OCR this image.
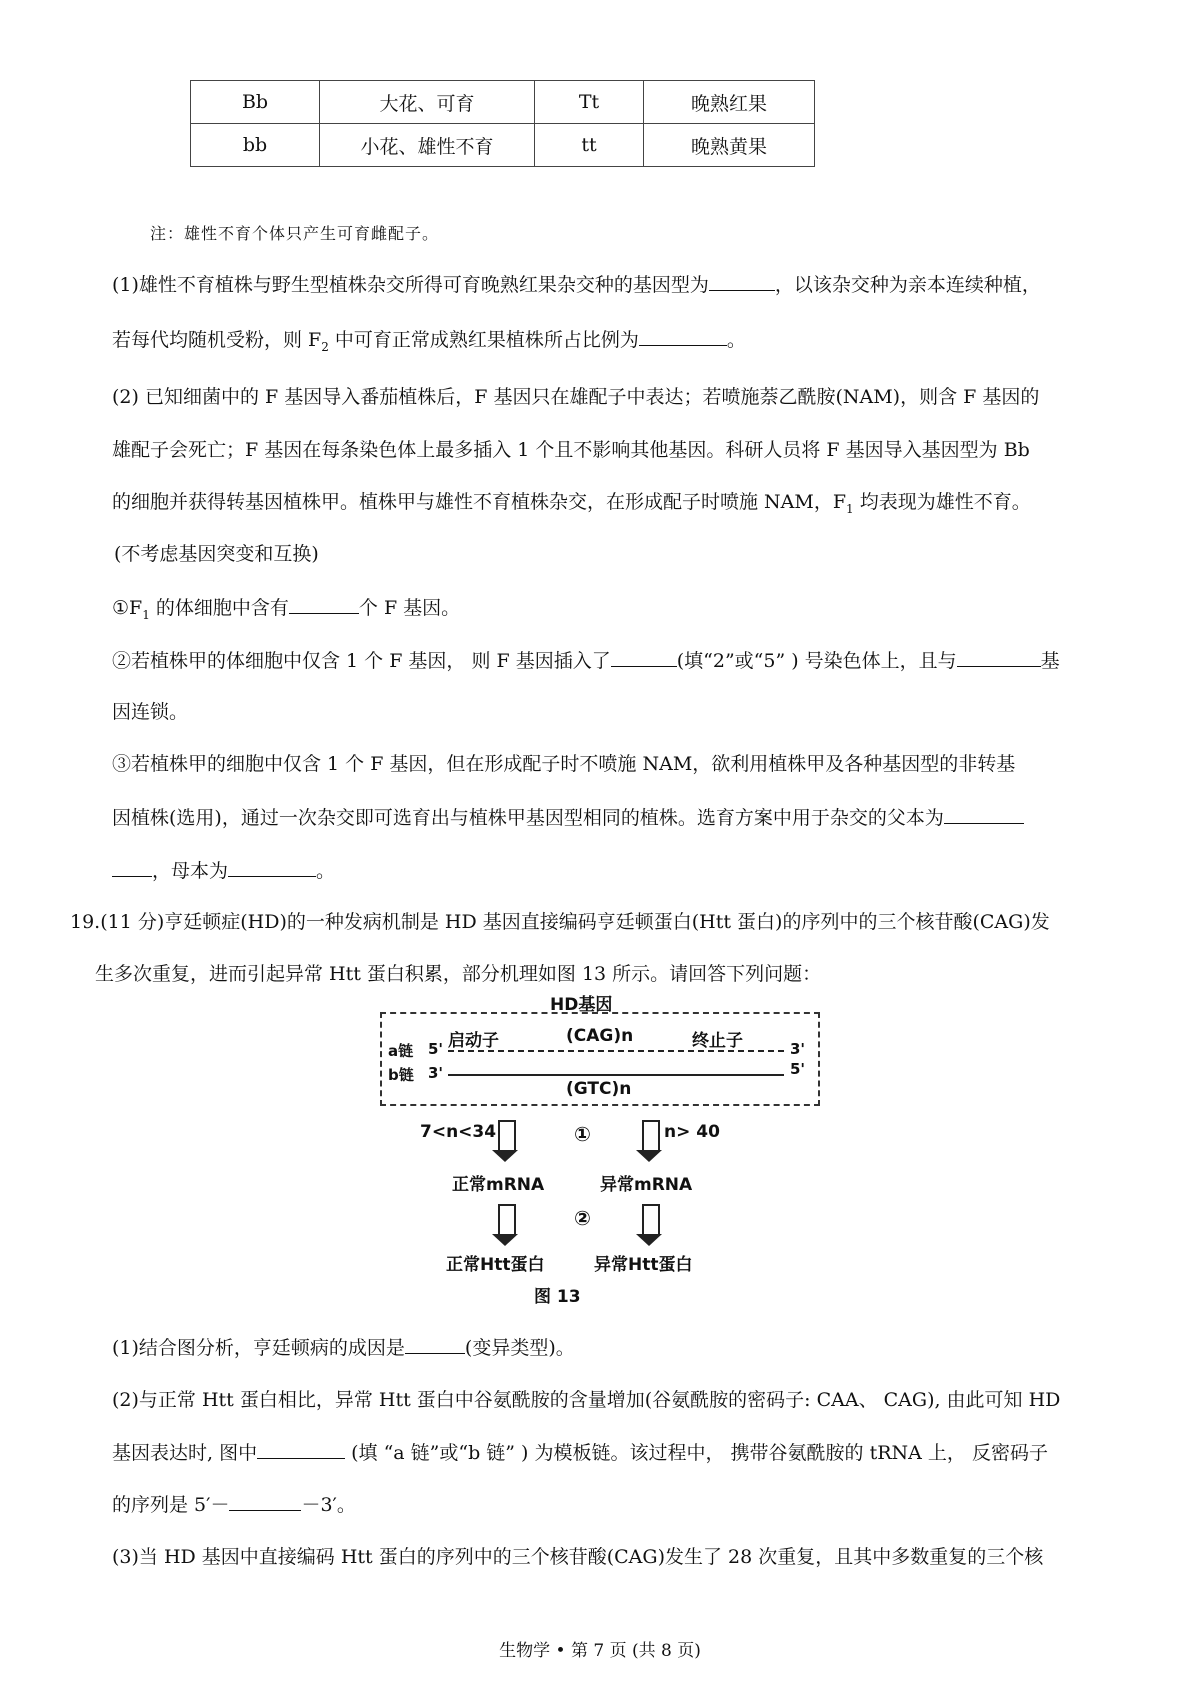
Bb	大花、可育	Tt	晚熟红果
bb	小花、雄性不育	tt	晚熟黄果
注：雄性不育个体只产生可育雌配子。
(1)雄性不育植株与野生型植株杂交所得可育晚熟红果杂交种的基因型为	，以该杂交种为亲本连续种植，
若每代均随机受粉，则 $F_2$ 中可育正常成熟红果植株所占比例为	。
(2) 已知细菌中的 F 基因导入番茄植株后，F 基因只在雄配子中表达；若喷施萘乙酰胺(NAM)，则含 F 基因的
雄配子会死亡；F 基因在每条染色体上最多插入 1 个且不影响其他基因。科研人员将 F 基因导入基因型为 Bb
的细胞并获得转基因植株甲。植株甲与雄性不育植株杂交，在形成配子时喷施 NAM，$F_1$ 均表现为雄性不育。
(不考虑基因突变和互换)
$①F_1$ 的体细胞中含有	个 F 基因。
②若植株甲的体细胞中仅含 1 个 F 基因， 则 F 基因插入了	(填“2”或“5” ) 号染色体上，且与	基
因连锁。
③若植株甲的细胞中仅含 1 个 F 基因，但在形成配子时不喷施 NAM，欲利用植株甲及各种基因型的非转基
因植株(选用)，通过一次杂交即可选育出与植株甲基因型相同的植株。选育方案中用于杂交的父本为
，母本为	。
19.(11 分)亨廷顿症(HD)的一种发病机制是 HD 基因直接编码亨廷顿蛋白(Htt 蛋白)的序列中的三个核苷酸(CAG)发
生多次重复，进而引起异常 Htt 蛋白积累，部分机理如图 13 所示。请回答下列问题：
HD基因
a链
b链
5'
3'
3'
5'
启动子	(CAG)n	终止子
(GTC)n
7<n<34	①	n> 40
正常mRNA	异常mRNA
②
正常Htt蛋白	异常Htt蛋白
图 13
(1)结合图分析，亨廷顿病的成因是	(变异类型)。
(2)与正常 Htt 蛋白相比，异常 Htt 蛋白中谷氨酰胺的含量增加(谷氨酰胺的密码子: CAA、 CAG), 由此可知 HD
基因表达时, 图中	(填 “a 链”或“b 链” ) 为模板链。该过程中， 携带谷氨酰胺的 tRNA 上， 反密码子
的序列是 5′－	－3′。
(3)当 HD 基因中直接编码 Htt 蛋白的序列中的三个核苷酸(CAG)发生了 28 次重复，且其中多数重复的三个核
生物学 • 第 7 页 (共 8 页)
